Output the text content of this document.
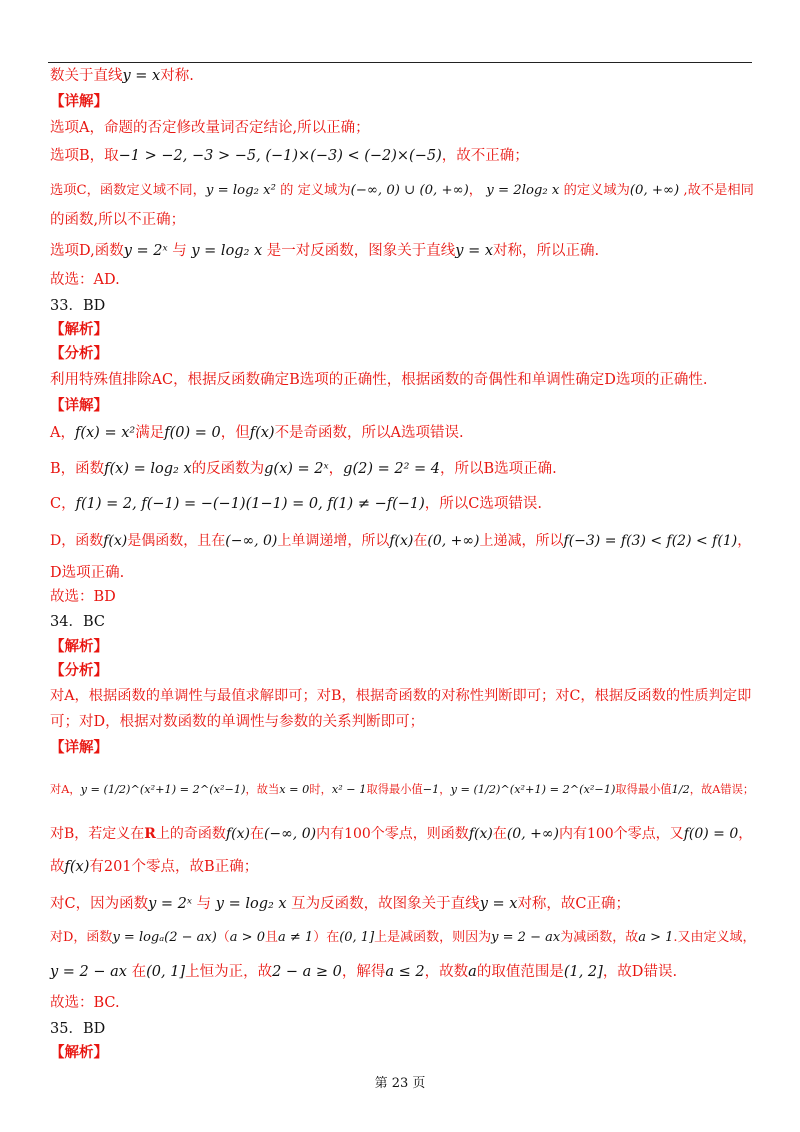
数关于直线y = x对称.
【详解】
选项A，命题的否定修改量词否定结论,所以正确；
选项B，取−1 > −2, −3 > −5, (−1)×(−3) < (−2)×(−5)，故不正确；
选项C，函数定义域不同，y = log₂ x² 的 定义域为(−∞, 0) ∪ (0, +∞)， y = 2log₂ x 的定义域为(0, +∞) ,故不是相同
的函数,所以不正确；
选项D,函数y = 2ˣ 与 y = log₂ x 是一对反函数，图象关于直线y = x对称，所以正确.
故选：AD.
33．BD
【解析】
【分析】
利用特殊值排除AC，根据反函数确定B选项的正确性，根据函数的奇偶性和单调性确定D选项的正确性.
【详解】
A，f(x) = x²满足f(0) = 0，但f(x)不是奇函数，所以A选项错误.
B，函数f(x) = log₂ x的反函数为g(x) = 2ˣ，g(2) = 2² = 4，所以B选项正确.
C，f(1) = 2, f(−1) = −(−1)(1−1) = 0, f(1) ≠ −f(−1)，所以C选项错误.
D，函数f(x)是偶函数，且在(−∞, 0)上单调递增，所以f(x)在(0, +∞)上递减，所以f(−3) = f(3) < f(2) < f(1)，
D选项正确.
故选：BD
34．BC
【解析】
【分析】
对A，根据函数的单调性与最值求解即可；对B，根据奇函数的对称性判断即可；对C，根据反函数的性质判定即
可；对D，根据对数函数的单调性与参数的关系判断即可；
【详解】
对A，y = (1/2)^(x²+1) = 2^(x²−1)，故当x = 0时，x² − 1取得最小值−1，y = (1/2)^(x²+1) = 2^(x²−1)取得最小值1/2，故A错误；
对B，若定义在R上的奇函数f(x)在(−∞, 0)内有100个零点，则函数f(x)在(0, +∞)内有100个零点，又f(0) = 0，
故f(x)有201个零点，故B正确；
对C，因为函数y = 2ˣ 与 y = log₂ x 互为反函数，故图象关于直线y = x对称，故C正确；
对D，函数y = logₐ(2 − ax)（a > 0且a ≠ 1）在(0, 1]上是减函数，则因为y = 2 − ax为减函数，故a > 1.又由定义域，
y = 2 − ax 在(0, 1]上恒为正，故2 − a ≥ 0，解得a ≤ 2，故数a的取值范围是(1, 2]，故D错误.
故选：BC.
35．BD
【解析】
第 23 页
